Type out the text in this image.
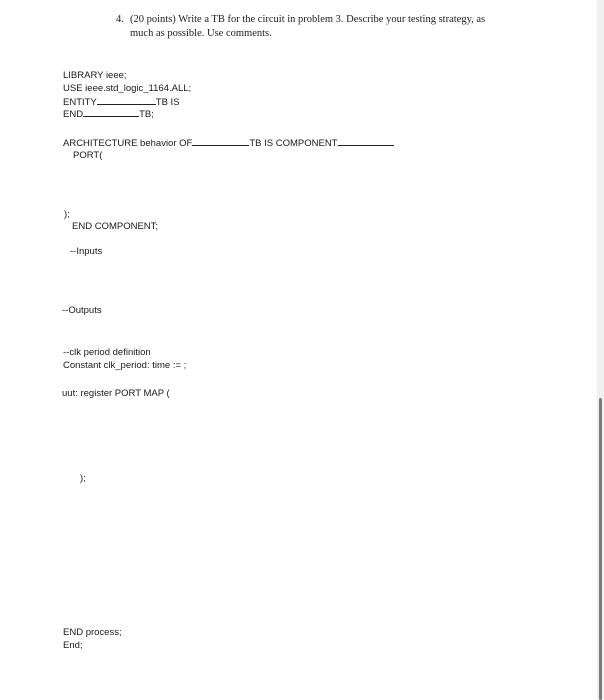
4. (20 points) Write a TB for the circuit in problem 3. Describe your testing strategy, as
much as possible. Use comments.
LIBRARY ieee;
USE ieee.std_logic_1164.ALL;
ENTITY	TB IS
END	TB;
ARCHITECTURE behavior OF	TB IS COMPONENT
PORT(
);
END COMPONENT;
--Inputs
--Outputs
--clk period definition
Constant clk_period: time := ;
uut: register PORT MAP (
);
END process;
End;
